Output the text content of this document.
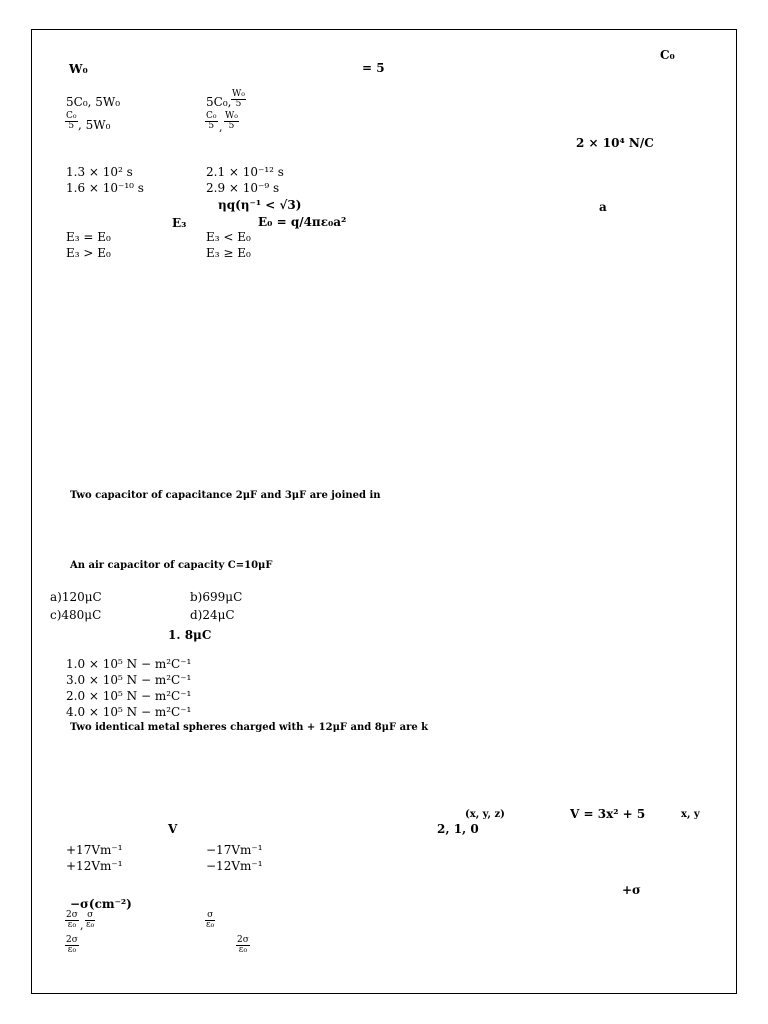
C₀
W₀	= 5
5C₀, 5W₀	5C₀, $\frac{\text{W₀}}{5}$
$\frac{\text{C₀}}{5}$ , 5W₀	$\frac{\text{C₀}}{5}$ , $\frac{\text{W₀}}{5}$
2 × 10⁴ N/C
1.3 × 10² s	2.1 × 10⁻¹² s
1.6 × 10⁻¹⁰ s	2.9 × 10⁻⁹ s
ηq(η⁻¹ < √3)	a
E₃	E₀ = q/4πε₀a²
E₃ = E₀	E₃ < E₀
E₃ > E₀	E₃ ≥ E₀
Two capacitor of capacitance 2μF and 3μF are joined in
An air capacitor of capacity C=10μF
a)120μC	b)699μC
c)480μC	d)24μC
1. 8μC
1.0 × 10⁵ N − m²C⁻¹
3.0 × 10⁵ N − m²C⁻¹
2.0 × 10⁵ N − m²C⁻¹
4.0 × 10⁵ N − m²C⁻¹
Two identical metal spheres charged with + 12μF and 8μF are k
(x, y, z)	V = 3x² + 5	x, y
V	2, 1, 0
+17Vm⁻¹	−17Vm⁻¹
+12Vm⁻¹	−12Vm⁻¹
+σ
−σ(cm⁻²)
$\frac{2\sigma}{\text{ε₀}}$ , $\frac{\sigma}{\text{ε₀}}$	$\frac{\sigma}{\text{ε₀}}$
$\frac{2\sigma}{\text{ε₀}}$	$\frac{2\sigma}{\text{ε₀}}$
